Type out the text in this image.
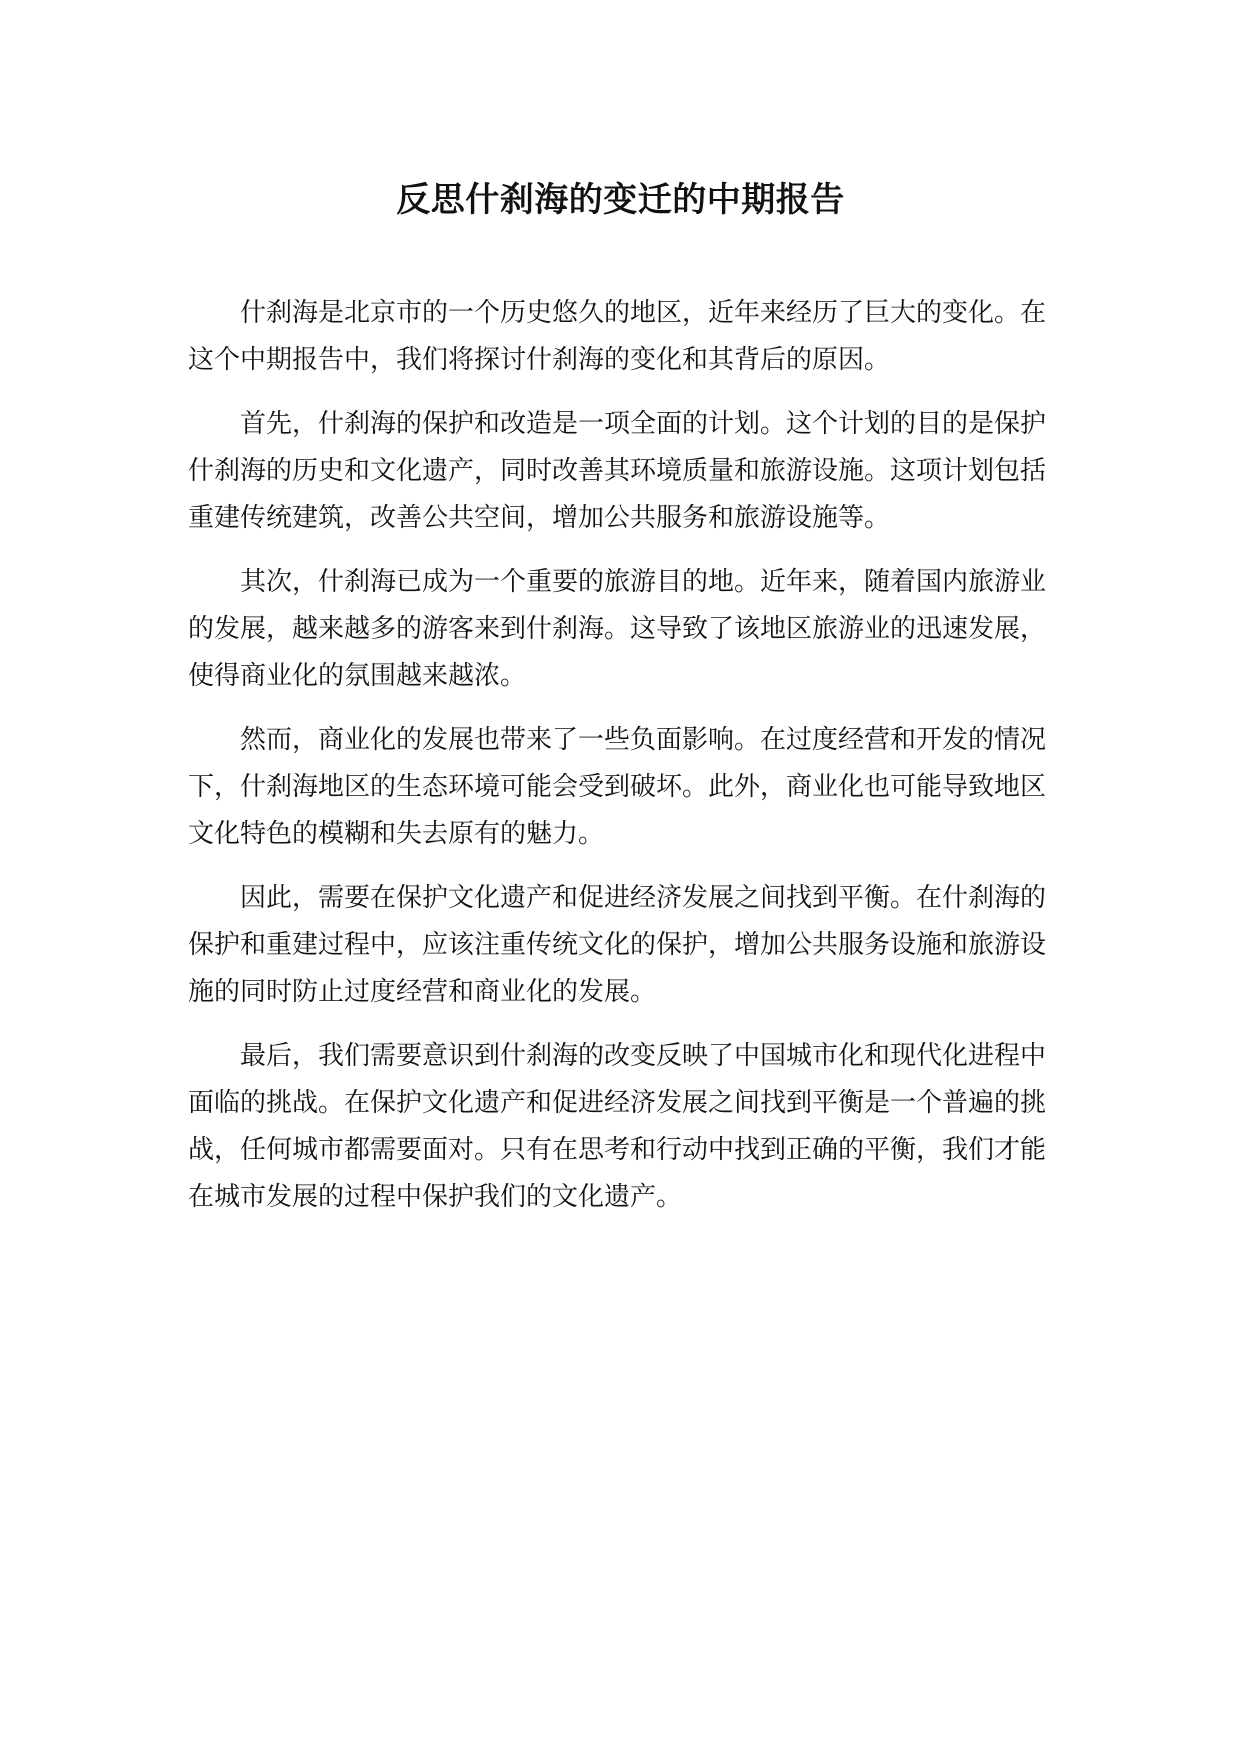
反思什刹海的变迁的中期报告

什刹海是北京市的一个历史悠久的地区，近年来经历了巨大的变化。在这个中期报告中，我们将探讨什刹海的变化和其背后的原因。

首先，什刹海的保护和改造是一项全面的计划。这个计划的目的是保护什刹海的历史和文化遗产，同时改善其环境质量和旅游设施。这项计划包括重建传统建筑，改善公共空间，增加公共服务和旅游设施等。

其次，什刹海已成为一个重要的旅游目的地。近年来，随着国内旅游业的发展，越来越多的游客来到什刹海。这导致了该地区旅游业的迅速发展，使得商业化的氛围越来越浓。

然而，商业化的发展也带来了一些负面影响。在过度经营和开发的情况下，什刹海地区的生态环境可能会受到破坏。此外，商业化也可能导致地区文化特色的模糊和失去原有的魅力。

因此，需要在保护文化遗产和促进经济发展之间找到平衡。在什刹海的保护和重建过程中，应该注重传统文化的保护，增加公共服务设施和旅游设施的同时防止过度经营和商业化的发展。

最后，我们需要意识到什刹海的改变反映了中国城市化和现代化进程中面临的挑战。在保护文化遗产和促进经济发展之间找到平衡是一个普遍的挑战，任何城市都需要面对。只有在思考和行动中找到正确的平衡，我们才能在城市发展的过程中保护我们的文化遗产。
